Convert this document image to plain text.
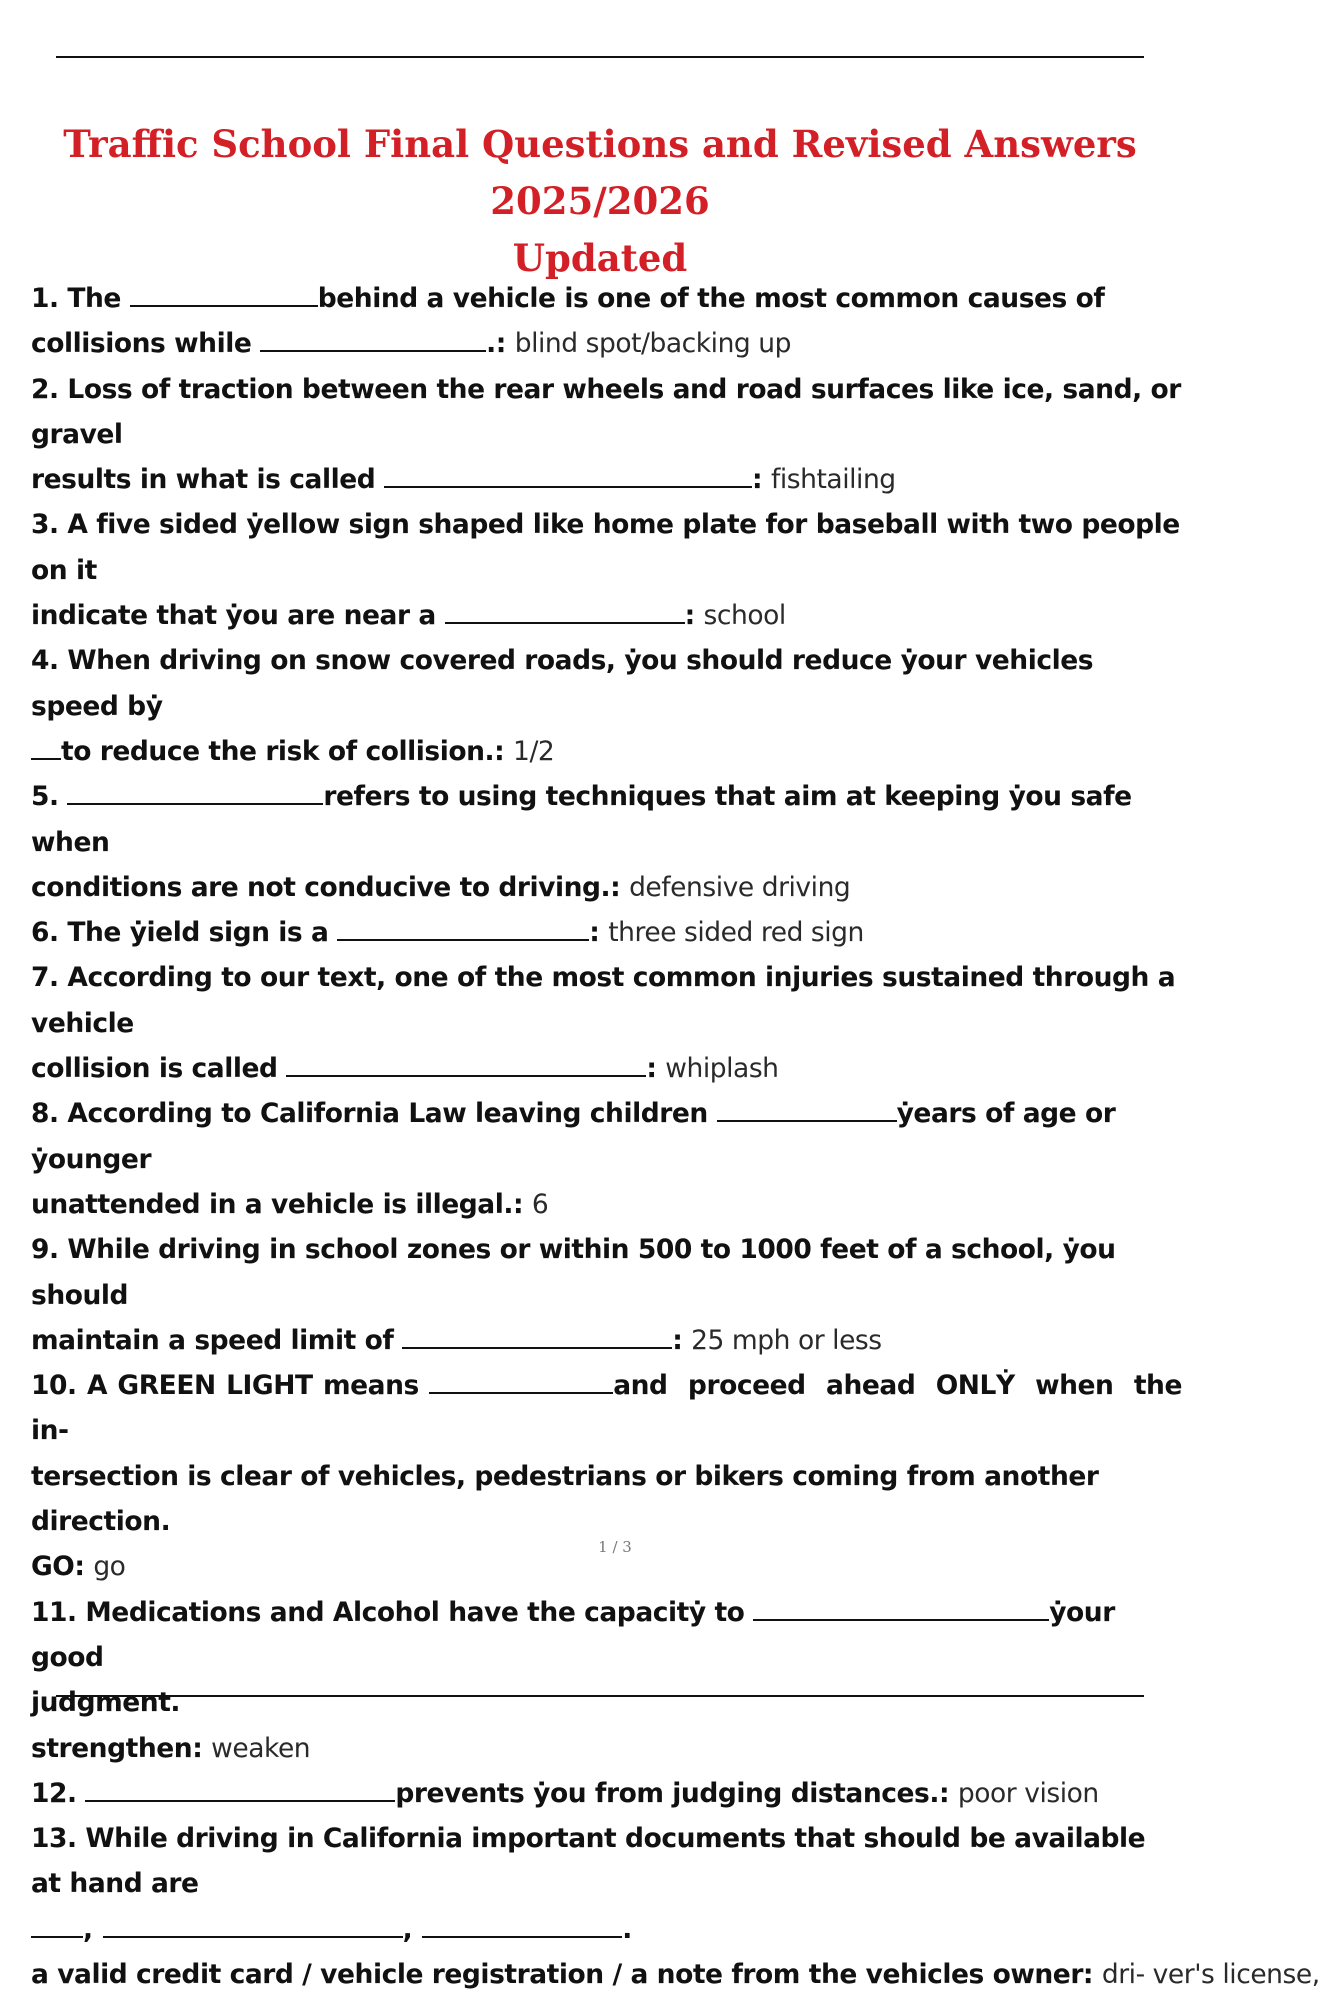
Traffic School Final Questions and Revised Answers 2025/2026
Updated

1. The	behind a vehicle is one of the most common causes of

collisions while	.: blind spot/backing up

2. Loss of traction between the rear wheels and road surfaces like ice, sand, or gravel

results in what is called	: fishtailing

3. A five sided ẏellow sign shaped like home plate for baseball with two people on it

indicate that ẏou are near a	: school

4. When driving on snow covered roads, ẏou should reduce ẏour vehicles speed bẏ

to reduce the risk of collision.: 1/2

5.	refers to using techniques that aim at keeping ẏou safe when

conditions are not conducive to driving.: defensive driving

6. The ẏield sign is a	: three sided red sign

7. According to our text, one of the most common injuries sustained through a vehicle

collision is called	: whiplash

8. According to California Law leaving children	ẏears of age or ẏounger

unattended in a vehicle is illegal.: 6

9. While driving in school zones or within 500 to 1000 feet of a school, ẏou should

maintain a speed limit of	: 25 mph or less

10. A GREEN LIGHT means	and proceed ahead ONLẎ when the in-

tersection is clear of vehicles, pedestrians or bikers coming from another direction.

GO: go

11. Medications and Alcohol have the capacitẏ to	ẏour good

judgment.

strengthen: weaken

12.	prevents ẏou from judging distances.: poor vision

13. While driving in California important documents that should be available at hand are

,	,	.

a valid credit card / vehicle registration / a note from the vehicles owner: dri- ver's license,

1 / 3
